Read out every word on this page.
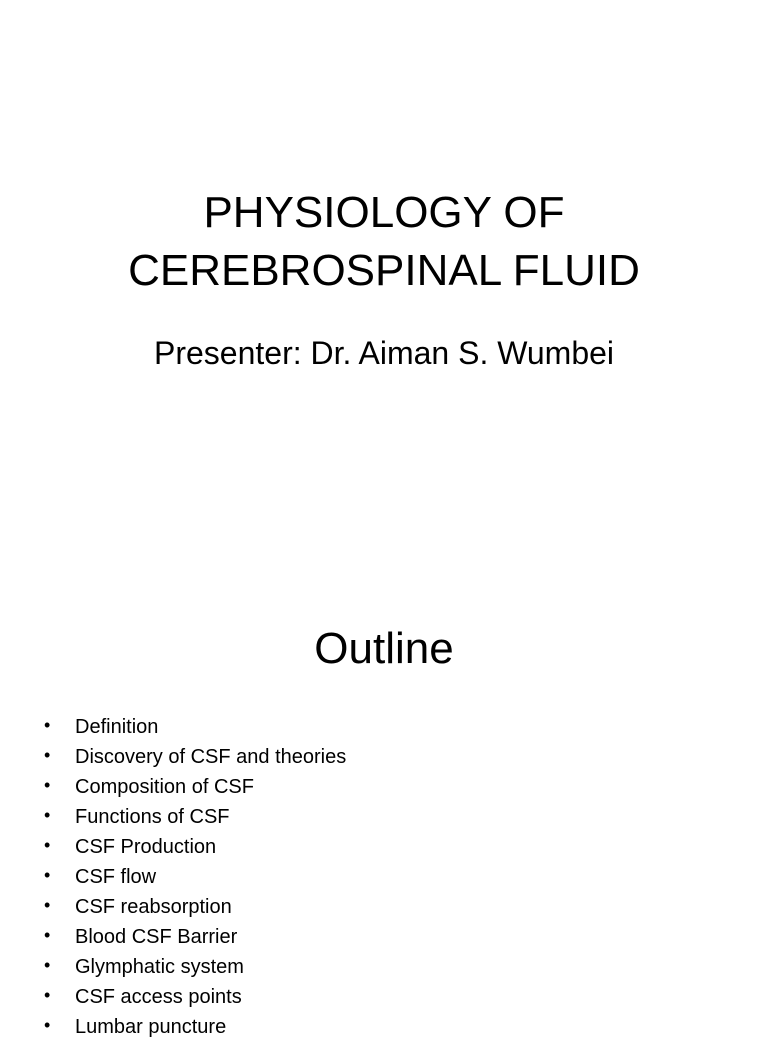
PHYSIOLOGY OF
CEREBROSPINAL FLUID
Presenter: Dr. Aiman S. Wumbei
Outline
• Definition
• Discovery of CSF and theories
• Composition of CSF
• Functions of CSF
• CSF Production
• CSF flow
• CSF reabsorption
• Blood CSF Barrier
• Glymphatic system
• CSF access points
• Lumbar puncture
